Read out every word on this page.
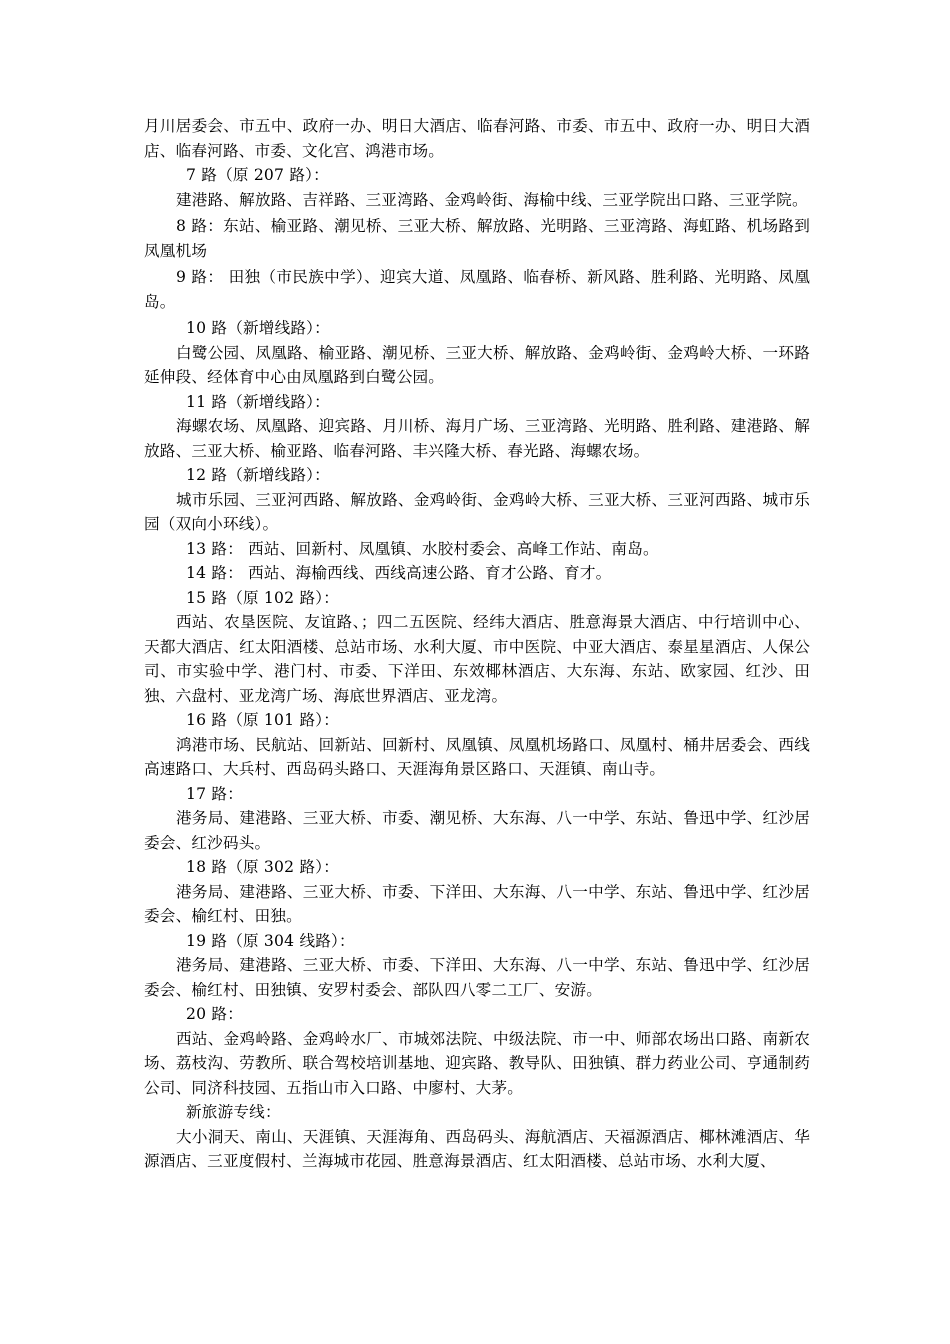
月川居委会、市五中、政府一办、明日大酒店、临春河路、市委、市五中、政府一办、明日大酒店、临春河路、市委、文化宫、鸿港市场。

7 路（原 207 路）：

建港路、解放路、吉祥路、三亚湾路、金鸡岭街、海榆中线、三亚学院出口路、三亚学院。

8 路：东站、榆亚路、潮见桥、三亚大桥、解放路、光明路、三亚湾路、海虹路、机场路到凤凰机场

9 路： 田独（市民族中学）、迎宾大道、凤凰路、临春桥、新风路、胜利路、光明路、凤凰岛。

10 路（新增线路）：

白鹭公园、凤凰路、榆亚路、潮见桥、三亚大桥、解放路、金鸡岭街、金鸡岭大桥、一环路延伸段、经体育中心由凤凰路到白鹭公园。

11 路（新增线路）：

海螺农场、凤凰路、迎宾路、月川桥、海月广场、三亚湾路、光明路、胜利路、建港路、解放路、三亚大桥、榆亚路、临春河路、丰兴隆大桥、春光路、海螺农场。

12 路（新增线路）：

城市乐园、三亚河西路、解放路、金鸡岭街、金鸡岭大桥、三亚大桥、三亚河西路、城市乐园（双向小环线）。

13 路： 西站、回新村、凤凰镇、水胶村委会、高峰工作站、南岛。

14 路： 西站、海榆西线、西线高速公路、育才公路、育才。

15 路（原 102 路）：

西站、农垦医院、友谊路、；四二五医院、经纬大酒店、胜意海景大酒店、中行培训中心、天都大酒店、红太阳酒楼、总站市场、水利大厦、市中医院、中亚大酒店、泰星星酒店、人保公司、市实验中学、港门村、市委、下洋田、东效椰林酒店、大东海、东站、欧家园、红沙、田独、六盘村、亚龙湾广场、海底世界酒店、亚龙湾。

16 路（原 101 路）：

鸿港市场、民航站、回新站、回新村、凤凰镇、凤凰机场路口、凤凰村、桶井居委会、西线高速路口、大兵村、西岛码头路口、天涯海角景区路口、天涯镇、南山寺。

17 路：

港务局、建港路、三亚大桥、市委、潮见桥、大东海、八一中学、东站、鲁迅中学、红沙居委会、红沙码头。

18 路（原 302 路）：

港务局、建港路、三亚大桥、市委、下洋田、大东海、八一中学、东站、鲁迅中学、红沙居委会、榆红村、田独。

19 路（原 304 线路）：

港务局、建港路、三亚大桥、市委、下洋田、大东海、八一中学、东站、鲁迅中学、红沙居委会、榆红村、田独镇、安罗村委会、部队四八零二工厂、安游。

20 路：

西站、金鸡岭路、金鸡岭水厂、市城郊法院、中级法院、市一中、师部农场出口路、南新农场、荔枝沟、劳教所、联合驾校培训基地、迎宾路、教导队、田独镇、群力药业公司、亨通制药公司、同济科技园、五指山市入口路、中廖村、大茅。

新旅游专线：

大小洞天、南山、天涯镇、天涯海角、西岛码头、海航酒店、天福源酒店、椰林滩酒店、华源酒店、三亚度假村、兰海城市花园、胜意海景酒店、红太阳酒楼、总站市场、水利大厦、
